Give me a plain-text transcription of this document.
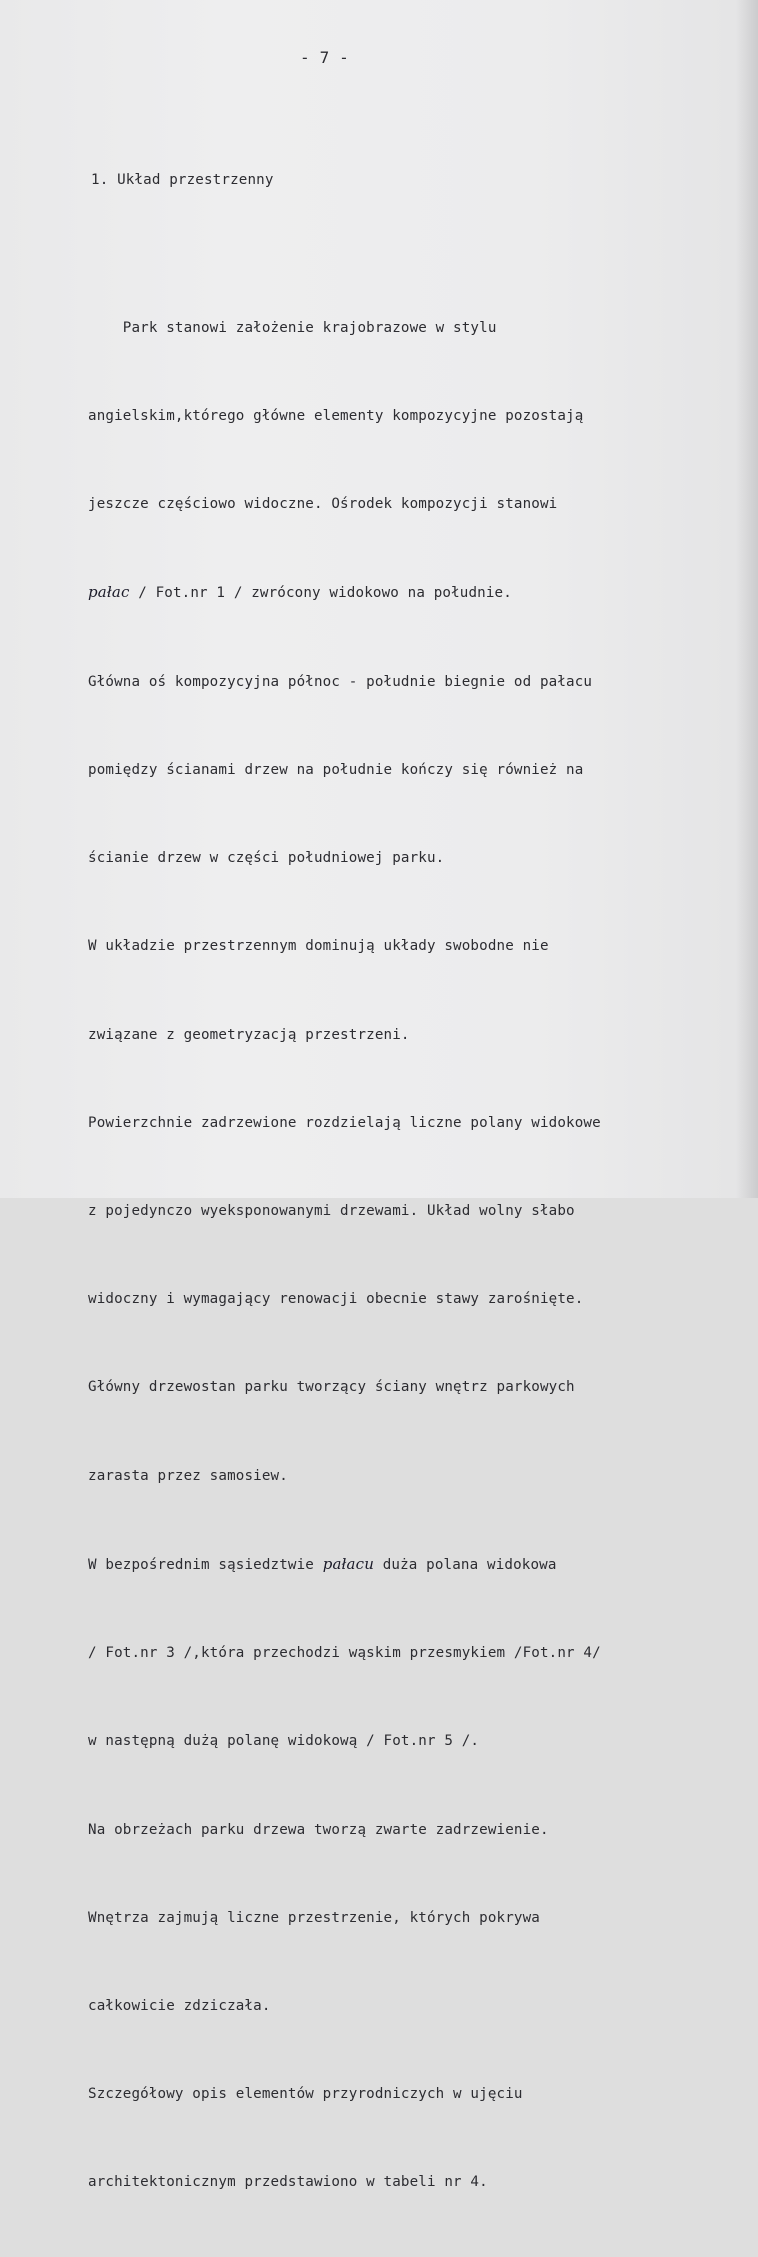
- 7 -
1. Układ przestrzenny

Park stanowi założenie krajobrazowe w stylu

angielskim,którego główne elementy kompozycyjne pozostają

jeszcze częściowo widoczne. Ośrodek kompozycji stanowi

pałac / Fot.nr 1 / zwrócony widokowo na południe.

Główna oś kompozycyjna północ - południe biegnie od pałacu

pomiędzy ścianami drzew na południe kończy się również na

ścianie drzew w części południowej parku.

W układzie przestrzennym dominują układy swobodne nie

związane z geometryzacją przestrzeni.

Powierzchnie zadrzewione rozdzielają liczne polany widokowe

z pojedynczo wyeksponowanymi drzewami. Układ wolny słabo

widoczny i wymagający renowacji obecnie stawy zarośnięte.

Główny drzewostan parku tworzący ściany wnętrz parkowych

zarasta przez samosiew.

W bezpośrednim sąsiedztwie pałacu duża polana widokowa

/ Fot.nr 3 /,która przechodzi wąskim przesmykiem /Fot.nr 4/

w następną dużą polanę widokową / Fot.nr 5 /.

Na obrzeżach parku drzewa tworzą zwarte zadrzewienie.

Wnętrza zajmują liczne przestrzenie, których pokrywa

całkowicie zdziczała.

Szczegółowy opis elementów przyrodniczych w ujęciu

architektonicznym przedstawiono w tabeli nr 4.
